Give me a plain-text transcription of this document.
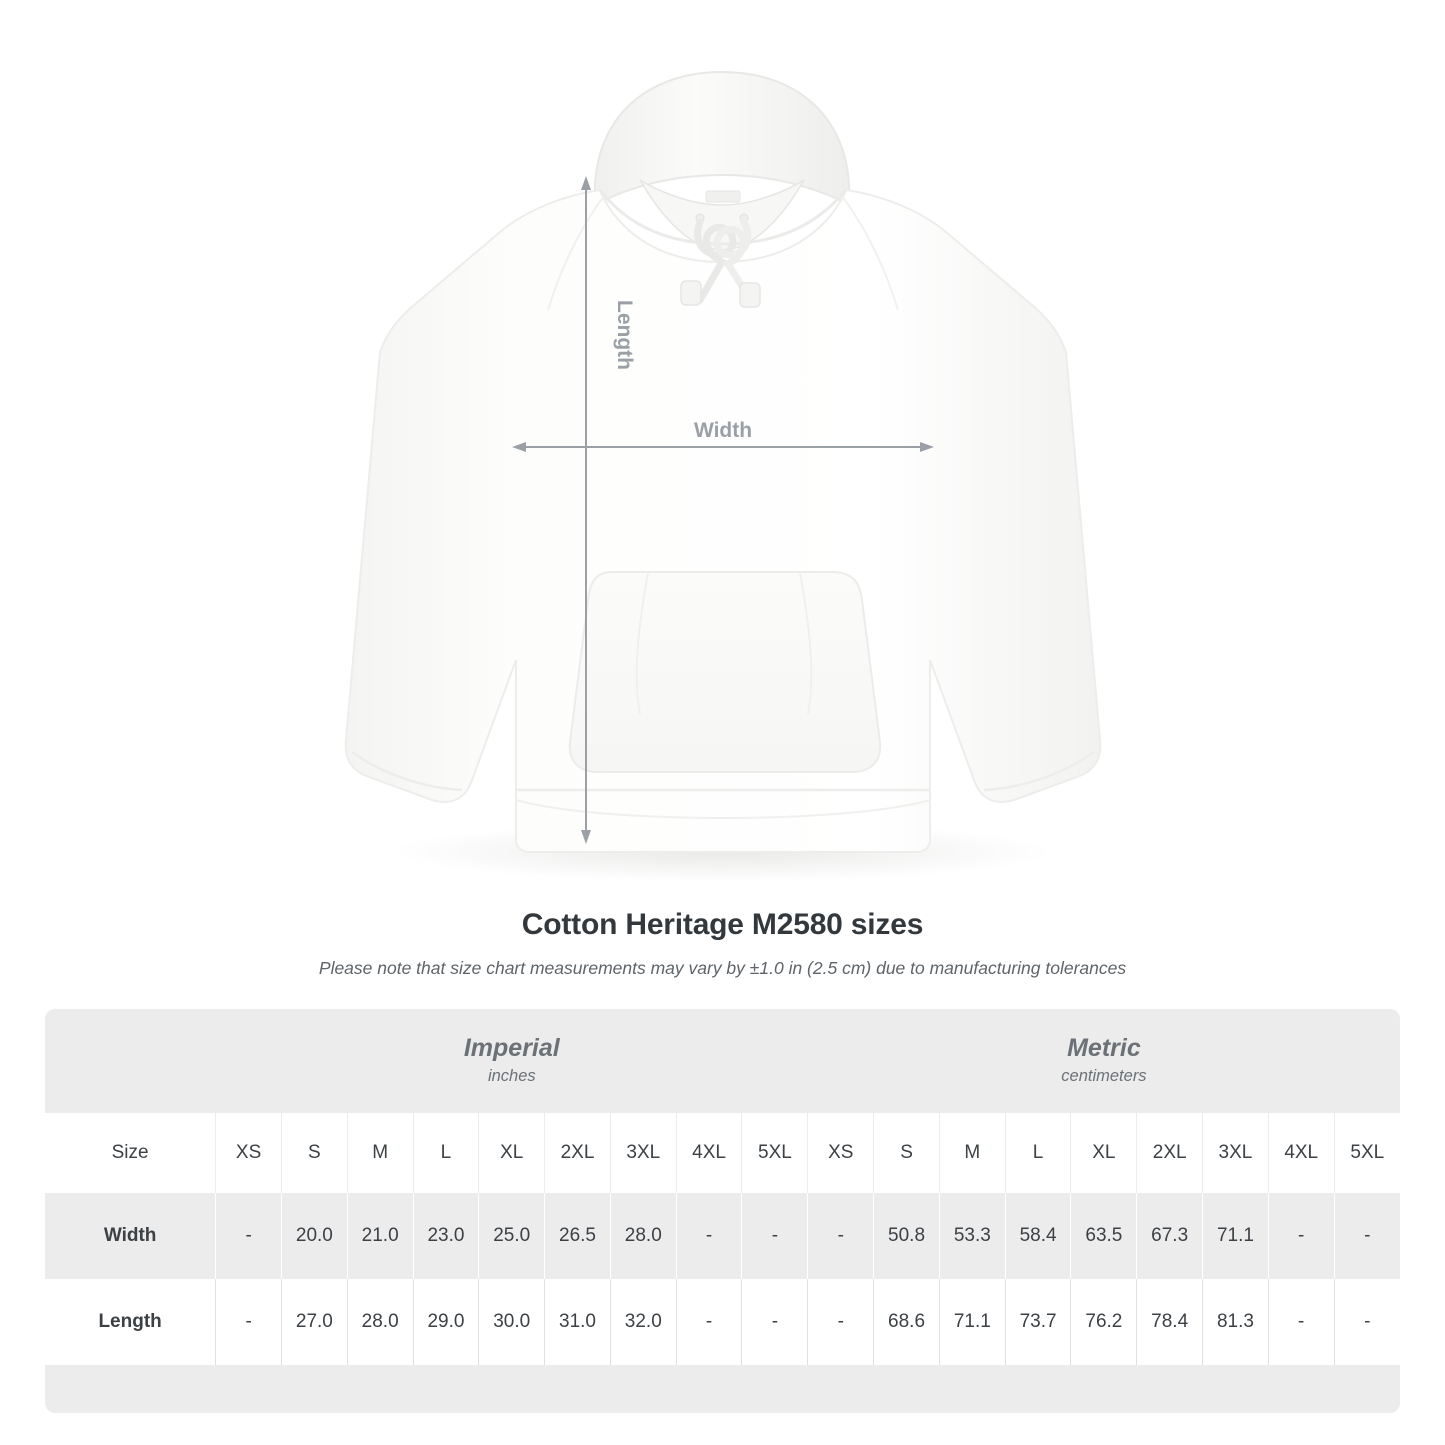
Length
Width
Cotton Heritage M2580 sizes
Please note that size chart measurements may vary by ±1.0 in (2.5 cm) due to manufacturing tolerances

Imperial
inches

Metric
centimeters

Size	XS	S	M	L	XL	2XL	3XL	4XL	5XL	XS	S	M	L	XL	2XL	3XL	4XL	5XL
Width	-	20.0	21.0	23.0	25.0	26.5	28.0	-	-	-	50.8	53.3	58.4	63.5	67.3	71.1	-	-
Length	-	27.0	28.0	29.0	30.0	31.0	32.0	-	-	-	68.6	71.1	73.7	76.2	78.4	81.3	-	-
